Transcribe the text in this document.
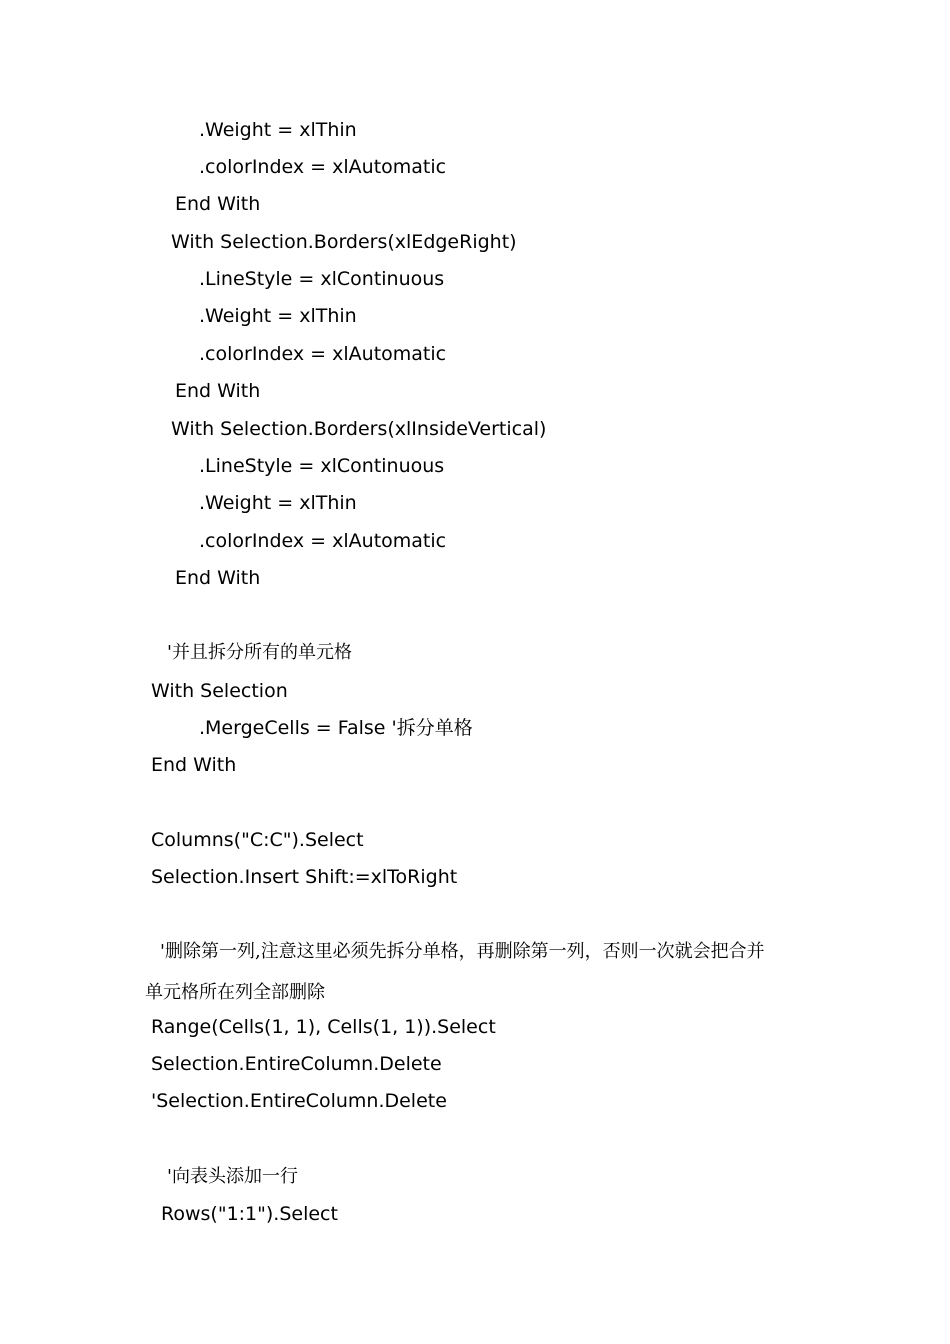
.Weight = xlThin
.colorIndex = xlAutomatic
End With
With Selection.Borders(xlEdgeRight)
.LineStyle = xlContinuous
.Weight = xlThin
.colorIndex = xlAutomatic
End With
With Selection.Borders(xlInsideVertical)
.LineStyle = xlContinuous
.Weight = xlThin
.colorIndex = xlAutomatic
End With
'并且拆分所有的单元格
With Selection
.MergeCells = False '拆分单格
End With
Columns("C:C").Select
Selection.Insert Shift:=xlToRight
'删除第一列,注意这里必须先拆分单格，再删除第一列，否则一次就会把合并
单元格所在列全部删除
Range(Cells(1, 1), Cells(1, 1)).Select
Selection.EntireColumn.Delete
'Selection.EntireColumn.Delete
'向表头添加一行
Rows("1:1").Select
